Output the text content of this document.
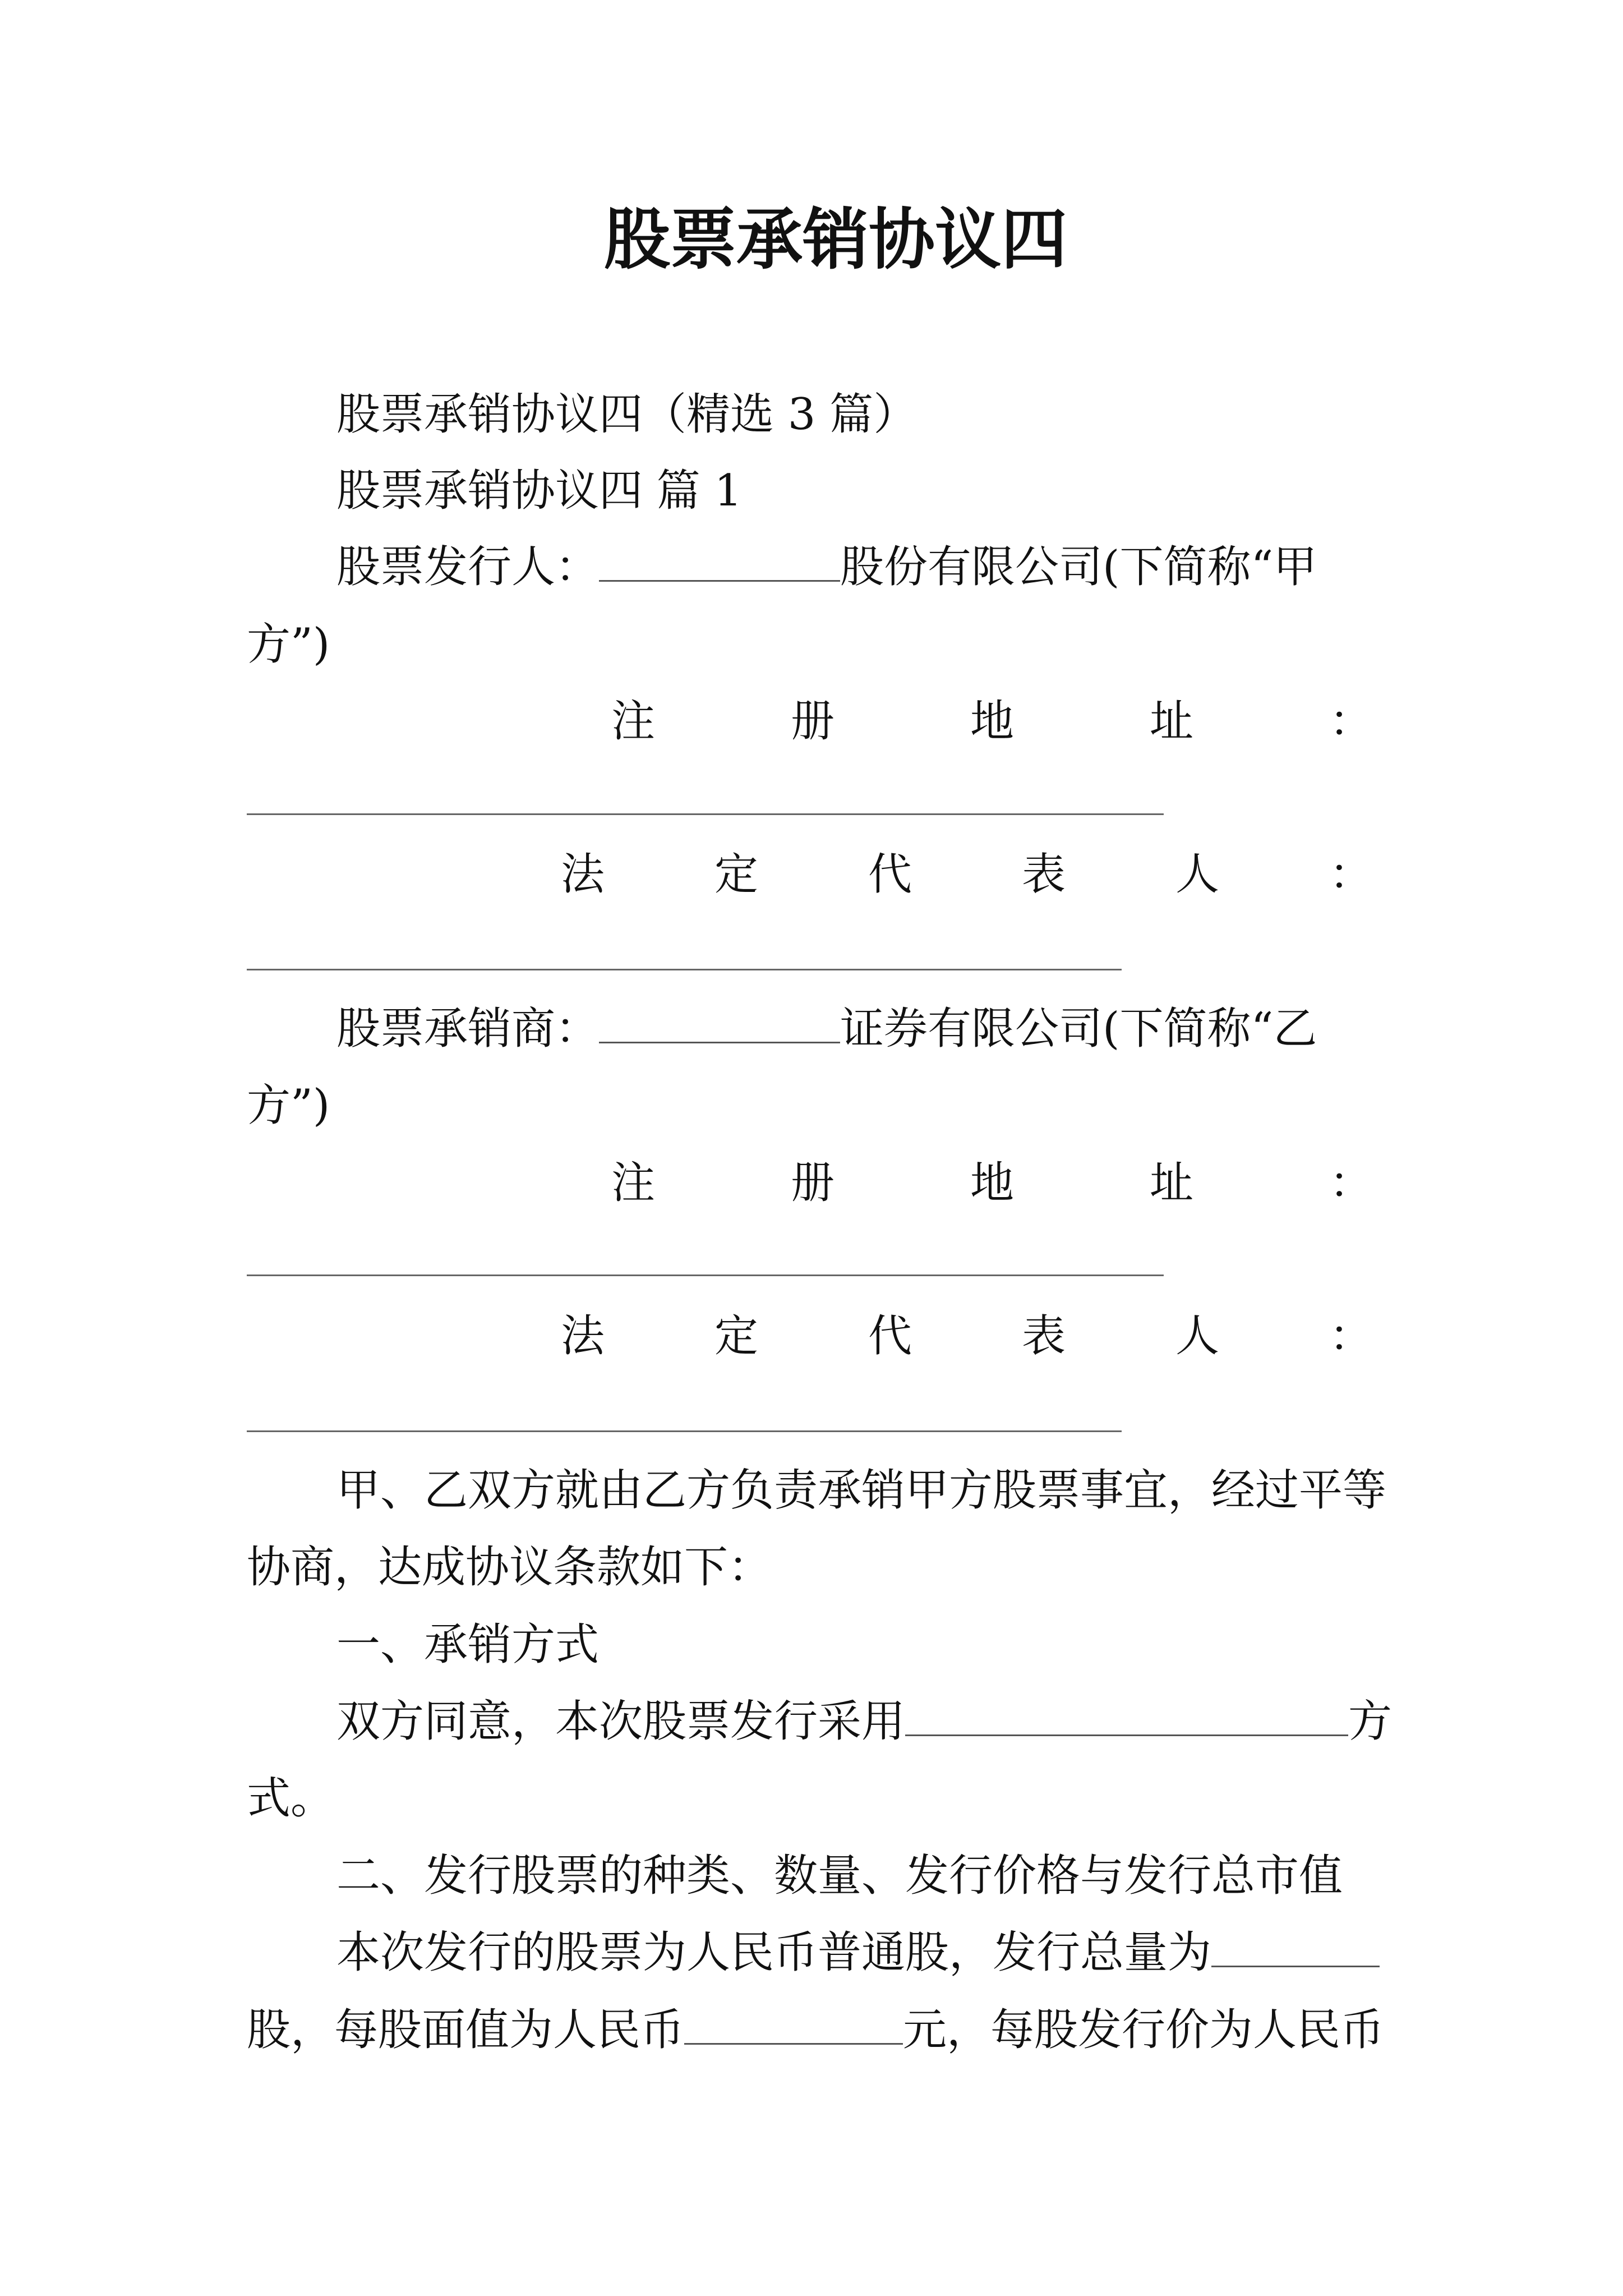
股票承销协议四
股票承销协议四（精选 3 篇）
股票承销协议四 篇 1
股票发行人：	股份有限公司(下简称“甲
方”)
注	册	地	址	：
法	定	代	表	人	：
股票承销商：	证券有限公司(下简称“乙
方”)
注	册	地	址	：
法	定	代	表	人	：
甲、乙双方就由乙方负责承销甲方股票事宜，经过平等
协商，达成协议条款如下：
一、承销方式
双方同意，本次股票发行采用	方
式。
二、发行股票的种类、数量、发行价格与发行总市值
本次发行的股票为人民币普通股，发行总量为
股，每股面值为人民币	元，每股发行价为人民币
